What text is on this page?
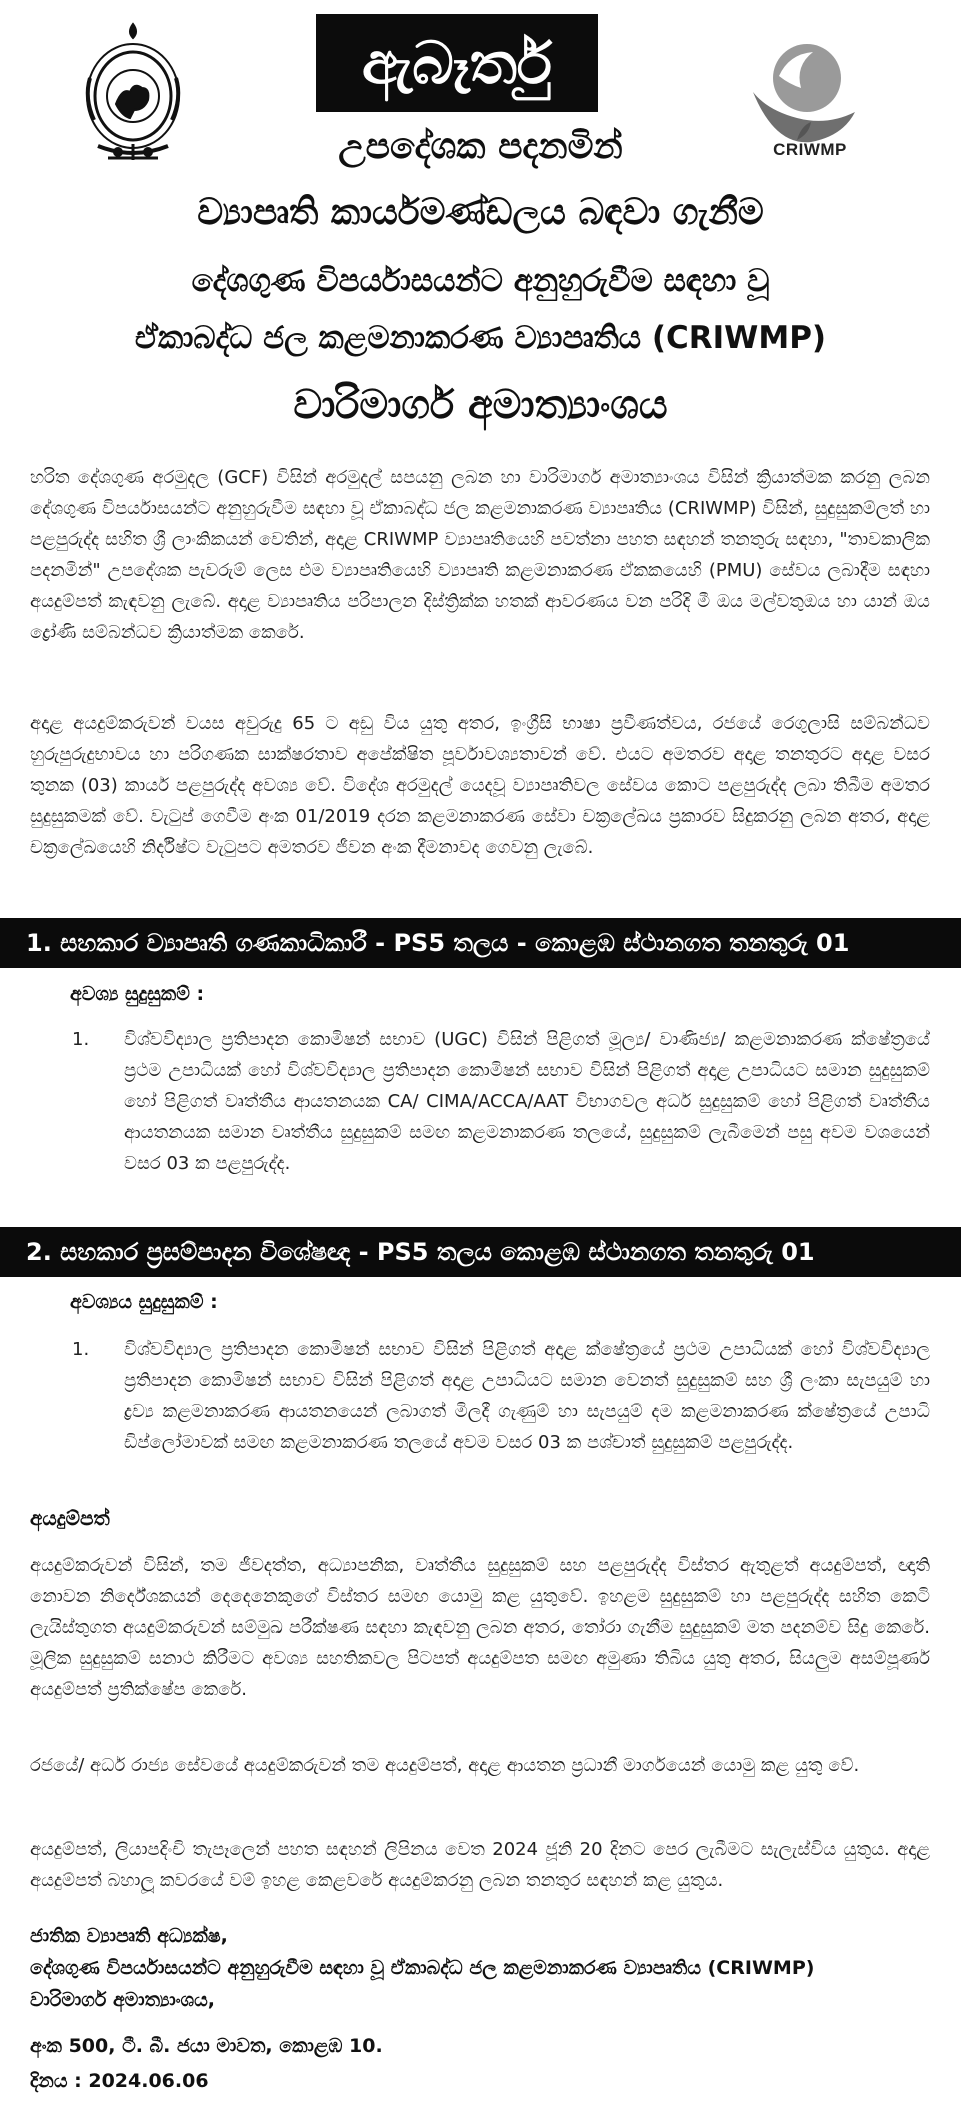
CRIWMP
ඇබෑර්තු
උපදේශක පදනමින්
ව්‍යාපෘති කාර්යමණ්ඩලය බඳවා ගැනීම
දේශගුණ විපර්යාසයන්ට අනුහුරුවීම සඳහා වූ
ඒකාබද්ධ ජල කළමනාකරණ ව්‍යාපෘතිය (CRIWMP)
වාරිමාර්ග අමාත්‍යාංශය

හරිත දේශගුණ අරමුදල (GCF) විසින් අරමුදල් සපයනු ලබන හා වාරිමාර්ග අමාත්‍යාංශය විසින් ක්‍රියාත්මක කරනු ලබන දේශගුණ විපර්යාසයන්ට අනුහුරුවීම සඳහා වූ ඒකාබද්ධ ජල කළමනාකරණ ව්‍යාපෘතිය (CRIWMP) විසින්, සුදුසුකම්ලත් හා පළපුරුද්ද සහිත ශ්‍රී ලාංකිකයන් වෙතින්, අදාළ CRIWMP ව්‍යාපෘතියෙහි පවත්නා පහත සඳහන් තනතුරු සඳහා, "තාවකාලික පදනමින්" උපදේශක පැවරුම් ලෙස එම ව්‍යාපෘතියෙහි ව්‍යාපෘති කළමනාකරණ ඒකකයෙහි (PMU) සේවය ලබාදීම සඳහා අයදුම්පත් කැඳවනු ලැබේ. අදාළ ව්‍යාපෘතිය පරිපාලන දිස්ත්‍රික්ක හතක් ආවරණය වන පරිදි මී ඔය මල්වතුඔය හා යාන් ඔය ද්‍රෝණි සම්බන්ධව ක්‍රියාත්මක කෙරේ.

අදාළ අයදුම්කරුවන් වයස අවුරුදු 65 ට අඩු විය යුතු අතර, ඉංග්‍රීසි භාෂා ප්‍රවීණත්වය, රජයේ රෙගුලාසි සම්බන්ධව හුරුපුරුදුභාවය හා පරිගණක සාක්ෂරතාව අපේක්ෂිත පූර්වාවශ්‍යතාවන් වේ. එයට අමතරව අදාළ තනතුරට අදාළ වසර තුනක (03) කාර්ය පළපුරුද්ද අවශ්‍ය වේ. විදේශ අරමුදල් යෙදවූ ව්‍යාපෘතිවල සේවය කොට පළපුරුද්ද ලබා තිබීම අමතර සුදුසුකමක් වේ. වැටුප් ගෙවීම අංක 01/2019 දරන කළමනාකරණ සේවා චක්‍රලේඛය ප්‍රකාරව සිදුකරනු ලබන අතර, අදාළ චක්‍රලේඛයෙහි නිර්දිෂ්ට වැටුපට අමතරව ජීවන අංක දීමනාවද ගෙවනු ලැබේ.

1. සහකාර ව්‍යාපෘති ගණකාධිකාරී - PS5 තලය - කොළඹ ස්ථානගත තනතුරු 01
අවශ්‍ය සුදුසුකම් :
1. විශ්වවිද්‍යාල ප්‍රතිපාදන කොමිෂන් සභාව (UGC) විසින් පිළිගත් මූල්‍ය/ වාණිජ්‍ය/ කළමනාකරණ ක්ෂේත්‍රයේ ප්‍රථම උපාධියක් හෝ විශ්වවිද්‍යාල ප්‍රතිපාදන කොමිෂන් සභාව විසින් පිළිගත් අදාළ උපාධියට සමාන සුදුසුකම් හෝ පිළිගත් වෘත්තීය ආයතනයක CA/ CIMA/ACCA/AAT විභාගවල අර්ධ සුදුසුකම් හෝ පිළිගත් වෘත්තීය ආයතනයක සමාන වෘත්තීය සුදුසුකම් සමඟ කළමනාකරණ තලයේ, සුදුසුකම් ලැබීමෙන් පසු අවම වශයෙන් වසර 03 ක පළපුරුද්ද.
2. සහකාර ප්‍රසම්පාදන විශේෂඥ - PS5 තලය කොළඹ ස්ථානගත තනතුරු 01
අවශ්‍යය සුදුසුකම් :
1. විශ්වවිද්‍යාල ප්‍රතිපාදන කොමිෂන් සභාව විසින් පිළිගත් අදාළ ක්ෂේත්‍රයේ ප්‍රථම උපාධියක් හෝ විශ්වවිද්‍යාල ප්‍රතිපාදන කොමිෂන් සභාව විසින් පිළිගත් අදාළ උපාධියට සමාන වෙනත් සුදුසුකම් සහ ශ්‍රී ලංකා සැපයුම් හා ද්‍රව්‍ය කළමනාකරණ ආයතනයෙන් ලබාගත් මිලදී ගැණුම් හා සැපයුම් දම කළමනාකරණ ක්ෂේත්‍රයේ උපාධි ඩිප්ලෝමාවක් සමඟ කළමනාකරණ තලයේ අවම වසර 03 ක පශ්චාත් සුදුසුකම් පළපුරුද්ද.
අයදුම්පත්

අයදුම්කරුවන් විසින්, තම ජීවදත්ත, අධ්‍යාපනික, වෘත්තීය සුදුසුකම් සහ පළපුරුද්ද විස්තර ඇතුළත් අයදුම්පත්, ඥාති නොවන නිර්දේශකයන් දෙදෙනෙකුගේ විස්තර සමඟ යොමු කළ යුතුවේ. ඉහළම සුදුසුකම් හා පළපුරුද්ද සහිත කෙටි ලැයිස්තුගත අයදුම්කරුවන් සම්මුඛ පරීක්ෂණ සඳහා කැඳවනු ලබන අතර, තෝරා ගැනීම සුදුසුකම් මත පදනම්ව සිදු කෙරේ. මූලික සුදුසුකම් සනාථ කිරීමට අවශ්‍ය සහතිකවල පිටපත් අයදුම්පත සමඟ අමුණා තිබිය යුතු අතර, සියලුම අසම්පූර්ණ අයදුම්පත් ප්‍රතික්ෂේප කෙරේ.

රජයේ/ අර්ධ රාජ්‍ය සේවයේ අයදුම්කරුවන් තම අයදුම්පත්, අදාළ ආයතන ප්‍රධානී මාර්ගයෙන් යොමු කළ යුතු වේ.

අයදුම්පත්, ලියාපදිංචි තැපෑලෙන් පහත සඳහන් ලිපිනය වෙත 2024 ජූනි 20 දිනට පෙර ලැබීමට සැලැස්විය යුතුය. අදාළ අයදුම්පත් බහාලූ කවරයේ වම් ඉහළ කෙළවරේ අයදුම්කරනු ලබන තනතුර සඳහන් කළ යුතුය.

ජාතික ව්‍යාපෘති අධ්‍යක්ෂ,

දේශගුණ විපර්යාසයන්ට අනුහුරුවීම සඳහා වූ ඒකාබද්ධ ජල කළමනාකරණ ව්‍යාපෘතිය (CRIWMP)

වාරිමාර්ග අමාත්‍යාංශය,

අංක 500, ටී. බී. ජයා මාවත, කොළඹ 10.

දිනය : 2024.06.06
